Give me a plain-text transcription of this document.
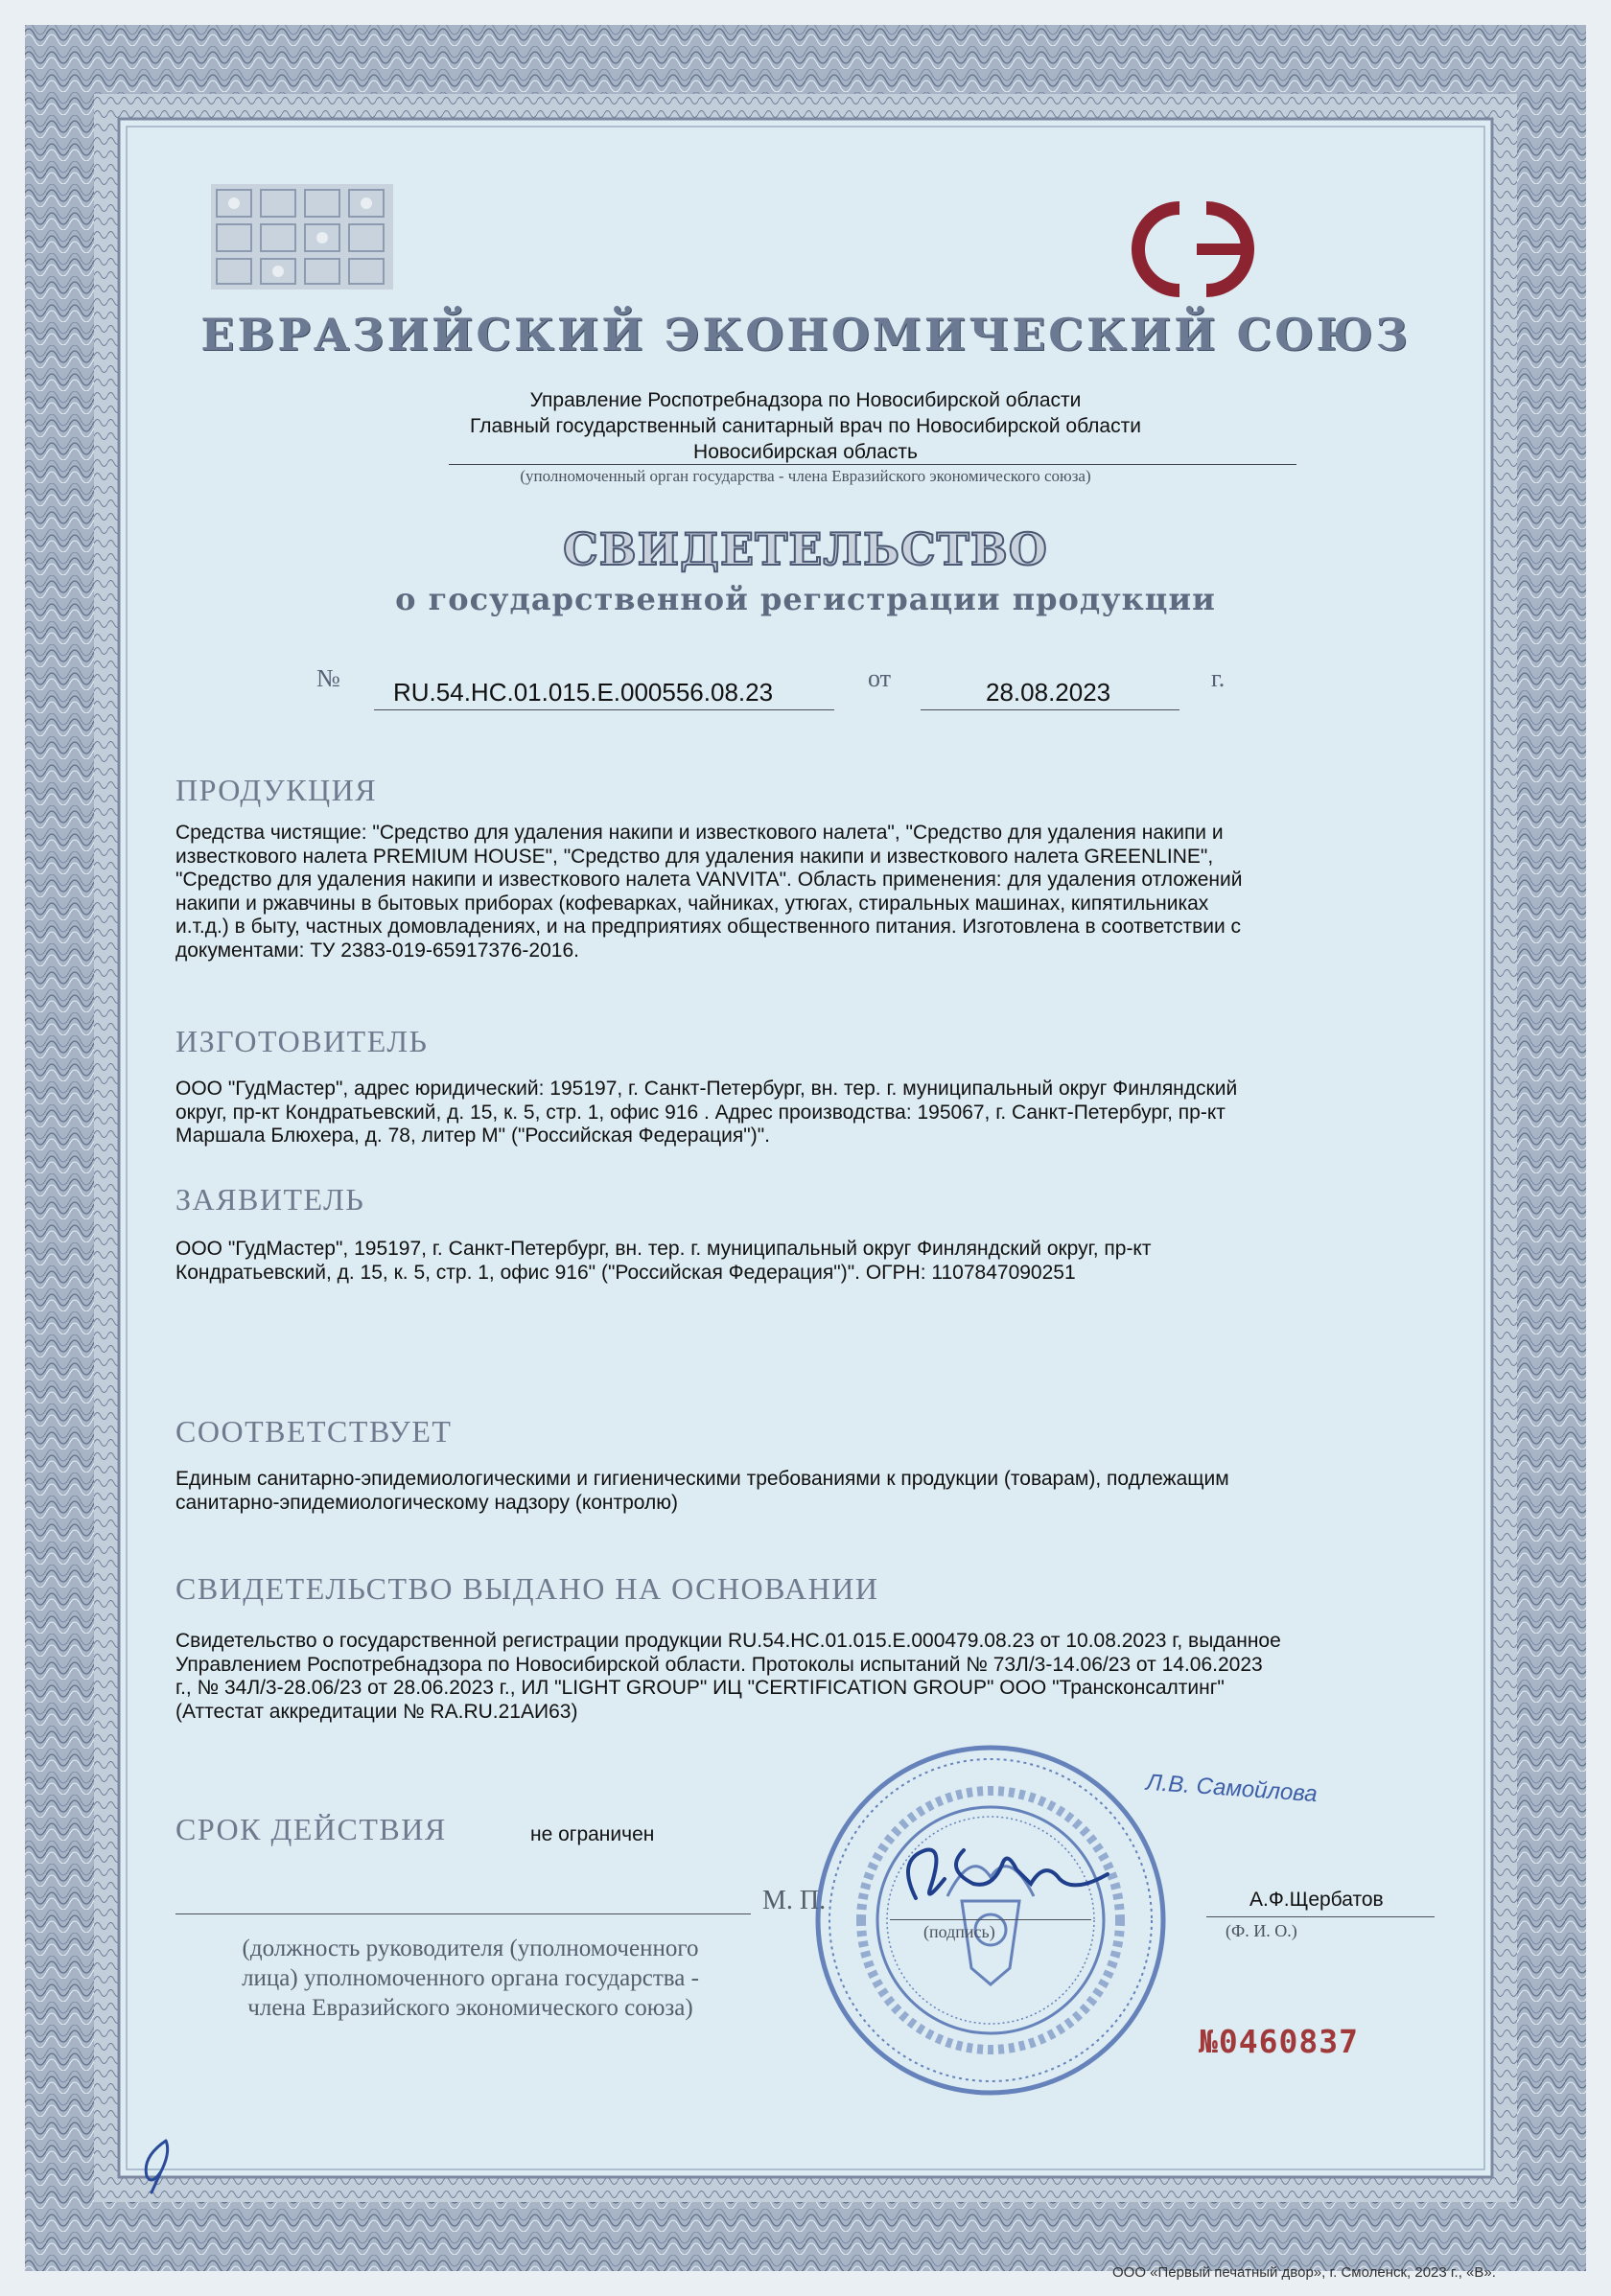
ЕВРАЗИЙСКИЙ ЭКОНОМИЧЕСКИЙ СОЮЗ
Управление Роспотребнадзора по Новосибирской области
Главный государственный санитарный врач по Новосибирской области
Новосибирская область
(уполномоченный орган государства - члена Евразийского экономического союза)
СВИДЕТЕЛЬСТВО
о государственной регистрации продукции
№ RU.54.НС.01.015.Е.000556.08.23	от	28.08.2023	г.
ПРОДУКЦИЯ
Средства чистящие: "Средство для удаления накипи и известкового налета", "Средство для удаления накипи и
известкового налета PREMIUM HOUSE", "Средство для удаления накипи и известкового налета GREENLINE",
"Средство для удаления накипи и известкового налета VANVITA". Область применения: для удаления отложений
накипи и ржавчины в бытовых приборах (кофеварках, чайниках, утюгах, стиральных машинах, кипятильниках
и.т.д.) в быту, частных домовладениях, и на предприятиях общественного питания. Изготовлена в соответствии с
документами: ТУ 2383-019-65917376-2016.
ИЗГОТОВИТЕЛЬ
ООО "ГудМастер", адрес юридический: 195197, г. Санкт-Петербург, вн. тер. г. муниципальный округ Финляндский
округ, пр-кт Кондратьевский, д. 15, к. 5, стр. 1, офис 916 . Адрес производства: 195067, г. Санкт-Петербург, пр-кт
Маршала Блюхера, д. 78, литер М" ("Российская Федерация")".
ЗАЯВИТЕЛЬ
ООО "ГудМастер", 195197, г. Санкт-Петербург, вн. тер. г. муниципальный округ Финляндский округ, пр-кт
Кондратьевский, д. 15, к. 5, стр. 1, офис 916" ("Российская Федерация")". ОГРН: 1107847090251
СООТВЕТСТВУЕТ
Единым санитарно-эпидемиологическими и гигиеническими требованиями к продукции (товарам), подлежащим
санитарно-эпидемиологическому надзору (контролю)
СВИДЕТЕЛЬСТВО ВЫДАНО НА ОСНОВАНИИ
Свидетельство о государственной регистрации продукции RU.54.НС.01.015.Е.000479.08.23 от 10.08.2023 г, выданное
Управлением Роспотребнадзора по Новосибирской области. Протоколы испытаний № 73Л/3-14.06/23 от 14.06.2023
г., № 34Л/3-28.06/23 от 28.06.2023 г., ИЛ "LIGHT GROUP" ИЦ "CERTIFICATION GROUP" ООО "Трансконсалтинг"
(Аттестат аккредитации № RA.RU.21АИ63)
СРОК ДЕЙСТВИЯ	не ограничен
(должность руководителя (уполномоченного
лица) уполномоченного органа государства -
члена Евразийского экономического союза)
Л.В. Самойлова
М. П.
(подпись)
А.Ф.Щербатов
(Ф. И. О.)
№0460837
ООО «Первый печатный двор», г. Смоленск, 2023 г., «В».
